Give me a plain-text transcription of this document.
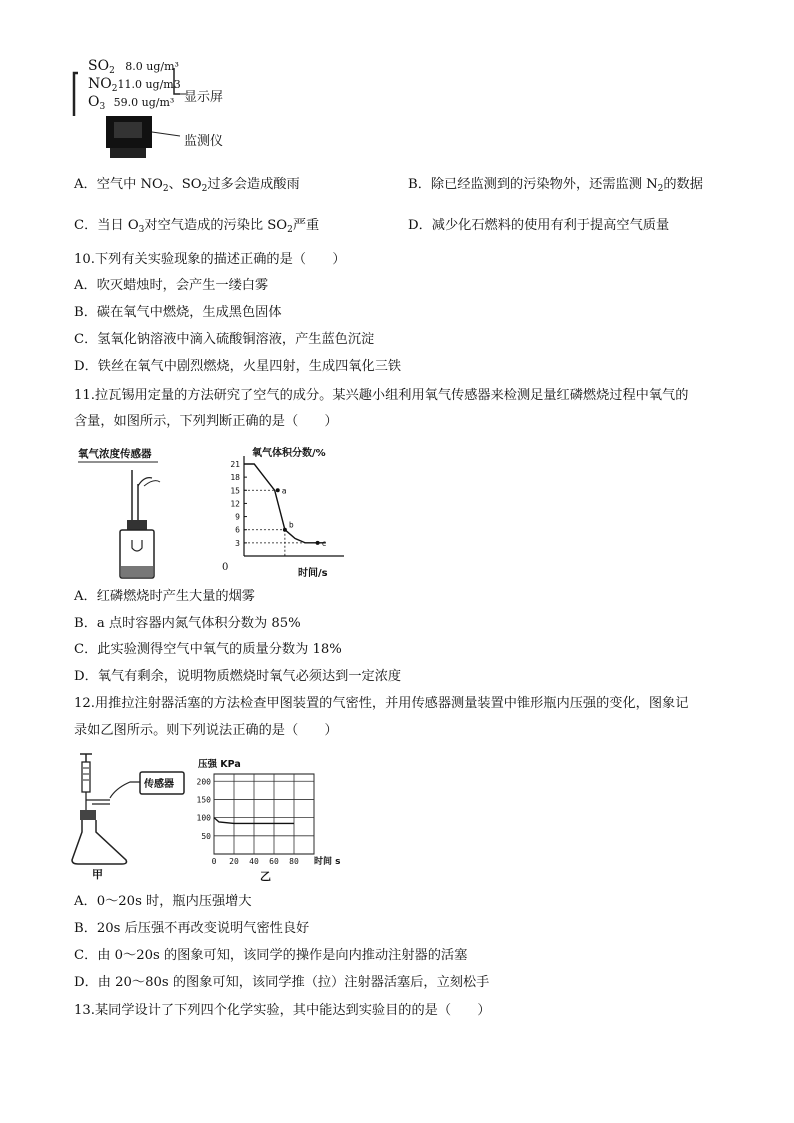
$SO_2$ 8.0 ug/m³
$NO_211.0$ ug/m3
$O_3$ 59.0 ug/m³ 显示屏
监测仪
A．空气中 $NO_2$、$SO_2$过多会造成酸雨	B．除已经监测到的污染物外，还需监测 $N_2$的数据
C．当日 $O_3$对空气造成的污染比 $SO_2$严重	D．减少化石燃料的使用有利于提高空气质量
10.下列有关实验现象的描述正确的是（　　）
A．吹灭蜡烛时，会产生一缕白雾
B．碳在氧气中燃烧，生成黑色固体
C．氢氧化钠溶液中滴入硫酸铜溶液，产生蓝色沉淀
D．铁丝在氧气中剧烈燃烧，火星四射，生成四氧化三铁
11.拉瓦锡用定量的方法研究了空气的成分。某兴趣小组利用氧气传感器来检测足量红磷燃烧过程中氧气的
含量，如图所示，下列判断正确的是（　　）
氧气浓度传感器	氧气体积分数/%
3
6
9
12
15
18
21
a
b
c
0
时间/s
A．红磷燃烧时产生大量的烟雾
B．a 点时容器内氮气体积分数为 85%
C．此实验测得空气中氧气的质量分数为 18%
D．氧气有剩余，说明物质燃烧时氧气必须达到一定浓度
12.用推拉注射器活塞的方法检查甲图装置的气密性，并用传感器测量装置中锥形瓶内压强的变化，图象记
录如乙图所示。则下列说法正确的是（　　）
传感器
甲
压强 KPa
50
100
150
200
0 20 40 60 80 时间 s
乙
A．0～20s 时，瓶内压强增大
B．20s 后压强不再改变说明气密性良好
C．由 0～20s 的图象可知，该同学的操作是向内推动注射器的活塞
D．由 20～80s 的图象可知，该同学推（拉）注射器活塞后，立刻松手
13.某同学设计了下列四个化学实验，其中能达到实验目的的是（　　）
